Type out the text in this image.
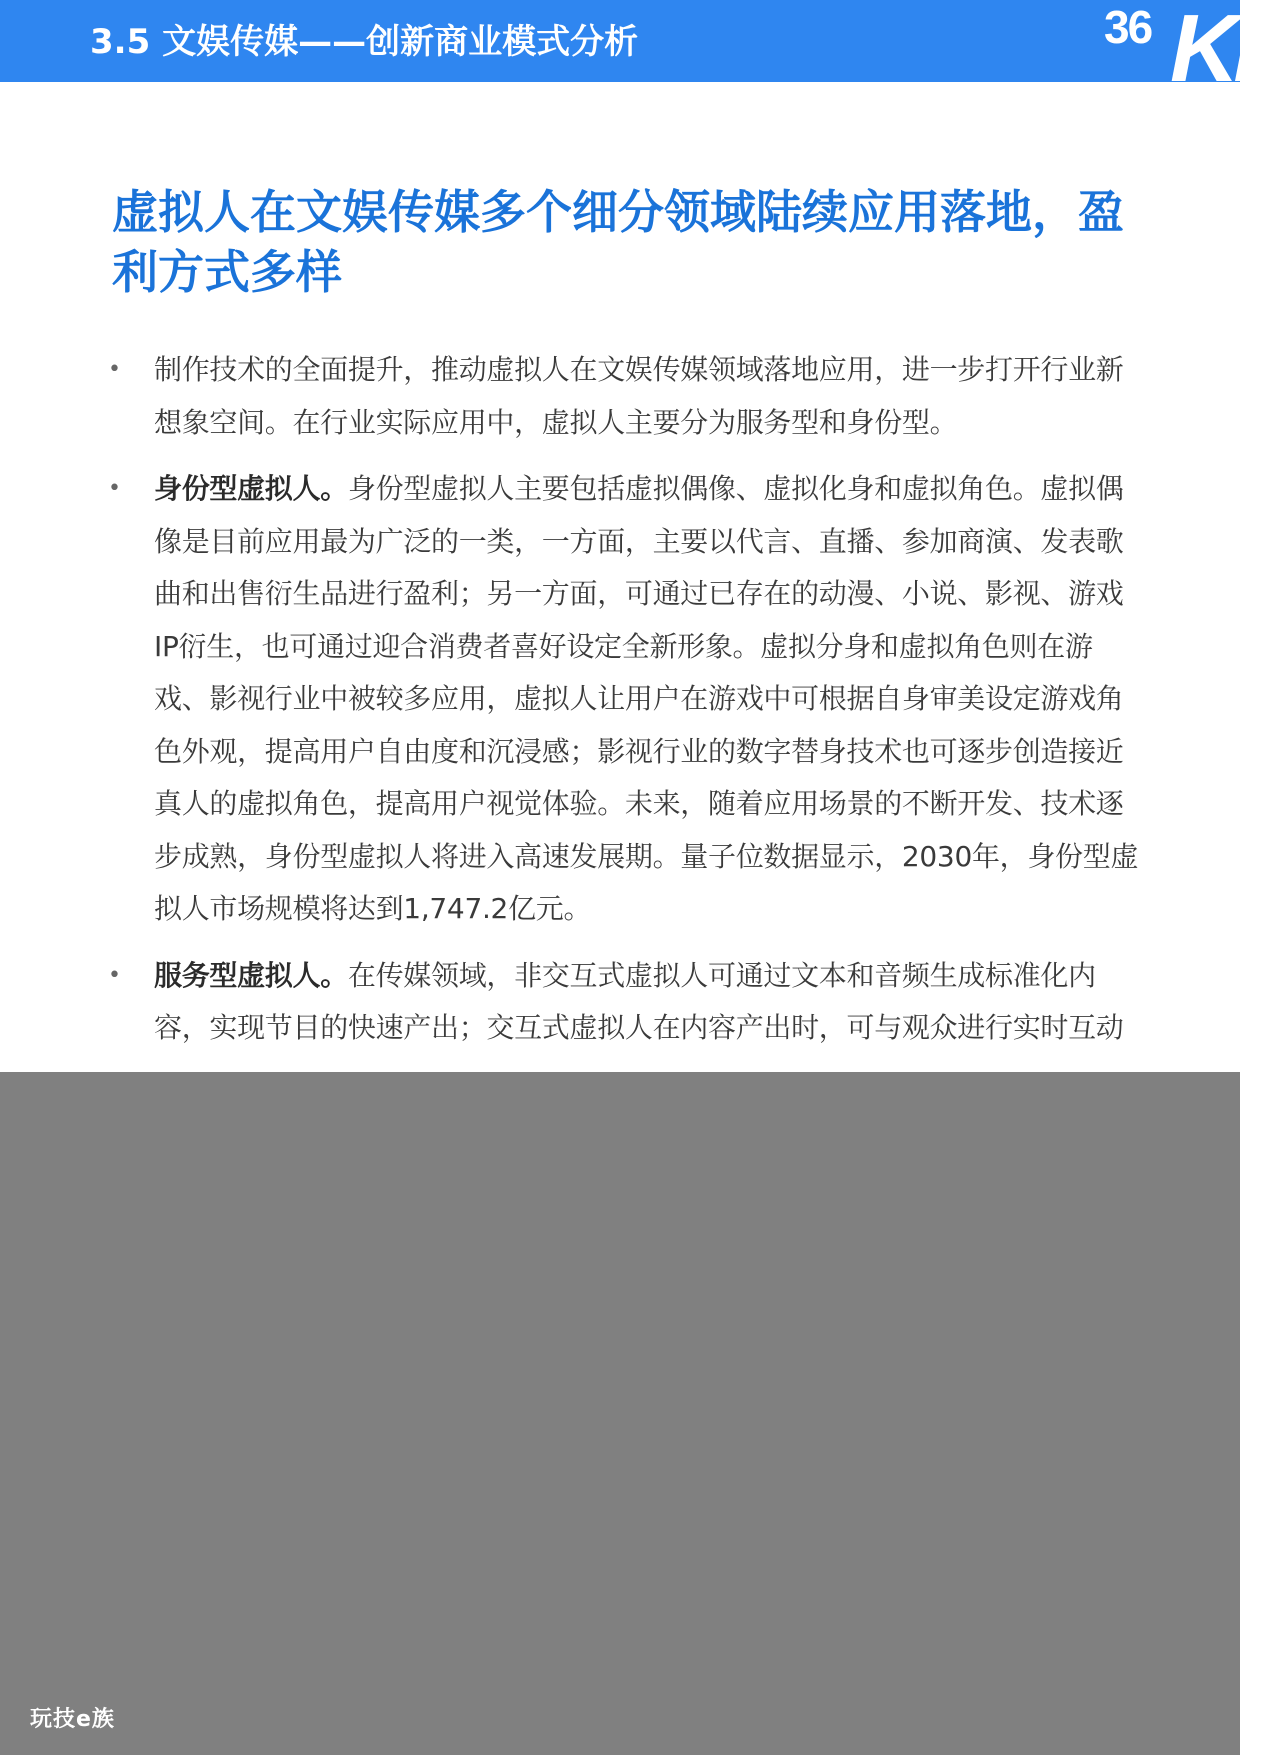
3.5 文娱传媒——创新商业模式分析	36 Kr
虚拟人在文娱传媒多个细分领域陆续应用落地，盈利方式多样
• 制作技术的全面提升，推动虚拟人在文娱传媒领域落地应用，进一步打开行业新想象空间。在行业实际应用中，虚拟人主要分为服务型和身份型。

• 身份型虚拟人。身份型虚拟人主要包括虚拟偶像、虚拟化身和虚拟角色。虚拟偶像是目前应用最为广泛的一类，一方面，主要以代言、直播、参加商演、发表歌曲和出售衍生品进行盈利；另一方面，可通过已存在的动漫、小说、影视、游戏IP衍生，也可通过迎合消费者喜好设定全新形象。虚拟分身和虚拟角色则在游戏、影视行业中被较多应用，虚拟人让用户在游戏中可根据自身审美设定游戏角色外观，提高用户自由度和沉浸感；影视行业的数字替身技术也可逐步创造接近真人的虚拟角色，提高用户视觉体验。未来，随着应用场景的不断开发、技术逐步成熟，身份型虚拟人将进入高速发展期。量子位数据显示，2030年，身份型虚拟人市场规模将达到1,747.2亿元。

• 服务型虚拟人。在传媒领域，非交互式虚拟人可通过文本和音频生成标准化内容，实现节目的快速产出；交互式虚拟人在内容产出时，可与观众进行实时互动

玩技e族
